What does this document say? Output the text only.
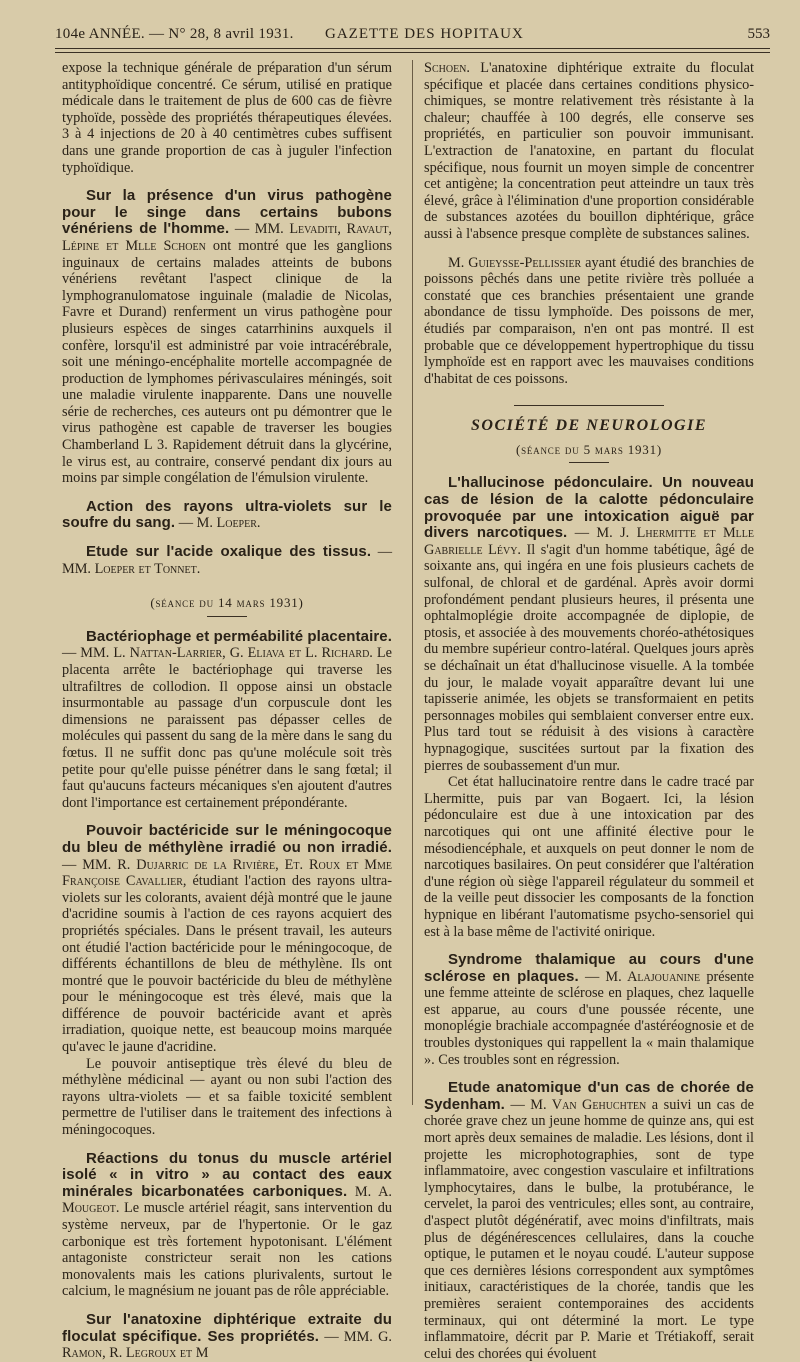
104e ANNÉE. — N° 28, 8 avril 1931. GAZETTE DES HOPITAUX	553

expose la technique générale de préparation d'un sérum antityphoïdique concentré. Ce sérum, utilisé en pratique médicale dans le traitement de plus de 600 cas de fièvre typhoïde, possède des propriétés thérapeutiques élevées. 3 à 4 injections de 20 à 40 centimètres cubes suffisent dans une grande proportion de cas à juguler l'infection typhoïdique.

Sur la présence d'un virus pathogène pour le singe dans certains bubons vénériens de l'homme. — MM. Levaditi, Ravaut, Lépine et Mlle Schoen ont montré que les ganglions inguinaux de certains malades atteints de bubons vénériens revêtant l'aspect clinique de la lymphogranulomatose inguinale (maladie de Nicolas, Favre et Durand) renferment un virus pathogène pour plusieurs espèces de singes catarrhinins auxquels il confère, lorsqu'il est administré par voie intracérébrale, soit une méningo-encéphalite mortelle accompagnée de production de lymphomes périvasculaires méningés, soit une maladie virulente inapparente. Dans une nouvelle série de recherches, ces auteurs ont pu démontrer que le virus pathogène est capable de traverser les bougies Chamberland L 3. Rapidement détruit dans la glycérine, le virus est, au contraire, conservé pendant dix jours au moins par simple congélation de l'émulsion virulente.

Action des rayons ultra-violets sur le soufre du sang. — M. Loeper.

Etude sur l'acide oxalique des tissus. — MM. Loeper et Tonnet.

(séance du 14 mars 1931)

Bactériophage et perméabilité placentaire. — MM. L. Nattan-Larrier, G. Eliava et L. Richard. Le placenta arrête le bactériophage qui traverse les ultrafiltres de collodion. Il oppose ainsi un obstacle insurmontable au passage d'un corpuscule dont les dimensions ne paraissent pas dépasser celles de molécules qui passent du sang de la mère dans le sang du fœtus. Il ne suffit donc pas qu'une molécule soit très petite pour qu'elle puisse pénétrer dans le sang fœtal; il faut qu'aucuns facteurs mécaniques s'en ajoutent d'autres dont l'importance est certainement prépondérante.

Pouvoir bactéricide sur le méningocoque du bleu de méthylène irradié ou non irradié. — MM. R. Dujarric de la Rivière, Et. Roux et Mme Françoise Cavallier, étudiant l'action des rayons ultra-violets sur les colorants, avaient déjà montré que le jaune d'acridine soumis à l'action de ces rayons acquiert des propriétés spéciales. Dans le présent travail, les auteurs ont étudié l'action bactéricide pour le méningocoque, de différents échantillons de bleu de méthylène. Ils ont montré que le pouvoir bactéricide du bleu de méthylène pour le méningocoque est très élevé, mais que la différence de pouvoir bactéricide avant et après irradiation, quoique nette, est beaucoup moins marquée qu'avec le jaune d'acridine.

Le pouvoir antiseptique très élevé du bleu de méthylène médicinal — ayant ou non subi l'action des rayons ultra-violets — et sa faible toxicité semblent permettre de l'utiliser dans le traitement des infections à méningocoques.

Réactions du tonus du muscle artériel isolé « in vitro » au contact des eaux minérales bicarbonatées carboniques. M. A. Mougeot. Le muscle artériel réagit, sans intervention du système nerveux, par de l'hypertonie. Or le gaz carbonique est très fortement hypotonisant. L'élément antagoniste constricteur serait non les cations monovalents mais les cations plurivalents, surtout le calcium, le magnésium ne jouant pas de rôle appréciable.

Sur l'anatoxine diphtérique extraite du floculat spécifique. Ses propriétés. — MM. G. Ramon, R. Legroux et M

Schoen. L'anatoxine diphtérique extraite du floculat spécifique et placée dans certaines conditions physico-chimiques, se montre relativement très résistante à la chaleur; chauffée à 100 degrés, elle conserve ses propriétés, en particulier son pouvoir immunisant. L'extraction de l'anatoxine, en partant du floculat spécifique, nous fournit un moyen simple de concentrer cet antigène; la concentration peut atteindre un taux très élevé, grâce à l'élimination d'une proportion considérable de substances azotées du bouillon diphtérique, grâce aussi à l'absence presque complète de substances salines.

M. Guieysse-Pellissier ayant étudié des branchies de poissons pêchés dans une petite rivière très polluée a constaté que ces branchies présentaient une grande abondance de tissu lymphoïde. Des poissons de mer, étudiés par comparaison, n'en ont pas montré. Il est probable que ce développement hypertrophique du tissu lymphoïde est en rapport avec les mauvaises conditions d'habitat de ces poissons.

SOCIÉTÉ DE NEUROLOGIE

(séance du 5 mars 1931)

L'hallucinose pédonculaire. Un nouveau cas de lésion de la calotte pédonculaire provoquée par une intoxication aiguë par divers narcotiques. — M. J. Lhermitte et Mlle Gabrielle Lévy. Il s'agit d'un homme tabétique, âgé de soixante ans, qui ingéra en une fois plusieurs cachets de sulfonal, de chloral et de gardénal. Après avoir dormi profondément pendant plusieurs heures, il présenta une ophtalmoplégie droite accompagnée de diplopie, de ptosis, et associée à des mouvements choréo-athétosiques du membre supérieur contro-latéral. Quelques jours après se déchaînait un état d'hallucinose visuelle. A la tombée du jour, le malade voyait apparaître devant lui une tapisserie animée, les objets se transformaient en petits personnages mobiles qui semblaient converser entre eux. Plus tard tout se réduisit à des visions à caractère hypnagogique, suscitées surtout par la fixation des pierres de soubassement d'un mur.

Cet état hallucinatoire rentre dans le cadre tracé par Lhermitte, puis par van Bogaert. Ici, la lésion pédonculaire est due à une intoxication par des narcotiques qui ont une affinité élective pour le mésodiencéphale, et auxquels on peut donner le nom de narcotiques basilaires. On peut considérer que l'altération d'une région où siège l'appareil régulateur du sommeil et de la veille peut dissocier les composants de la fonction hypnique en libérant l'automatisme psycho-sensoriel qui est à la base même de l'activité onirique.

Syndrome thalamique au cours d'une sclérose en plaques. — M. Alajouanine présente une femme atteinte de sclérose en plaques, chez laquelle est apparue, au cours d'une poussée récente, une monoplégie brachiale accompagnée d'astéréognosie et de troubles dystoniques qui rappellent la « main thalamique ». Ces troubles sont en régression.

Etude anatomique d'un cas de chorée de Sydenham. — M. Van Gehuchten a suivi un cas de chorée grave chez un jeune homme de quinze ans, qui est mort après deux semaines de maladie. Les lésions, dont il projette les microphotographies, sont de type inflammatoire, avec congestion vasculaire et infiltrations lymphocytaires, dans le bulbe, la protubérance, le cervelet, la paroi des ventricules; elles sont, au contraire, d'aspect plutôt dégénératif, avec moins d'infiltrats, mais plus de dégénérescences cellulaires, dans la couche optique, le putamen et le noyau coudé. L'auteur suppose que ces dernières lésions correspondent aux symptômes initiaux, caractéristiques de la chorée, tandis que les premières seraient contemporaines des accidents terminaux, qui ont déterminé la mort. Le type inflammatoire, décrit par P. Marie et Trétiakoff, serait celui des chorées qui évoluent
